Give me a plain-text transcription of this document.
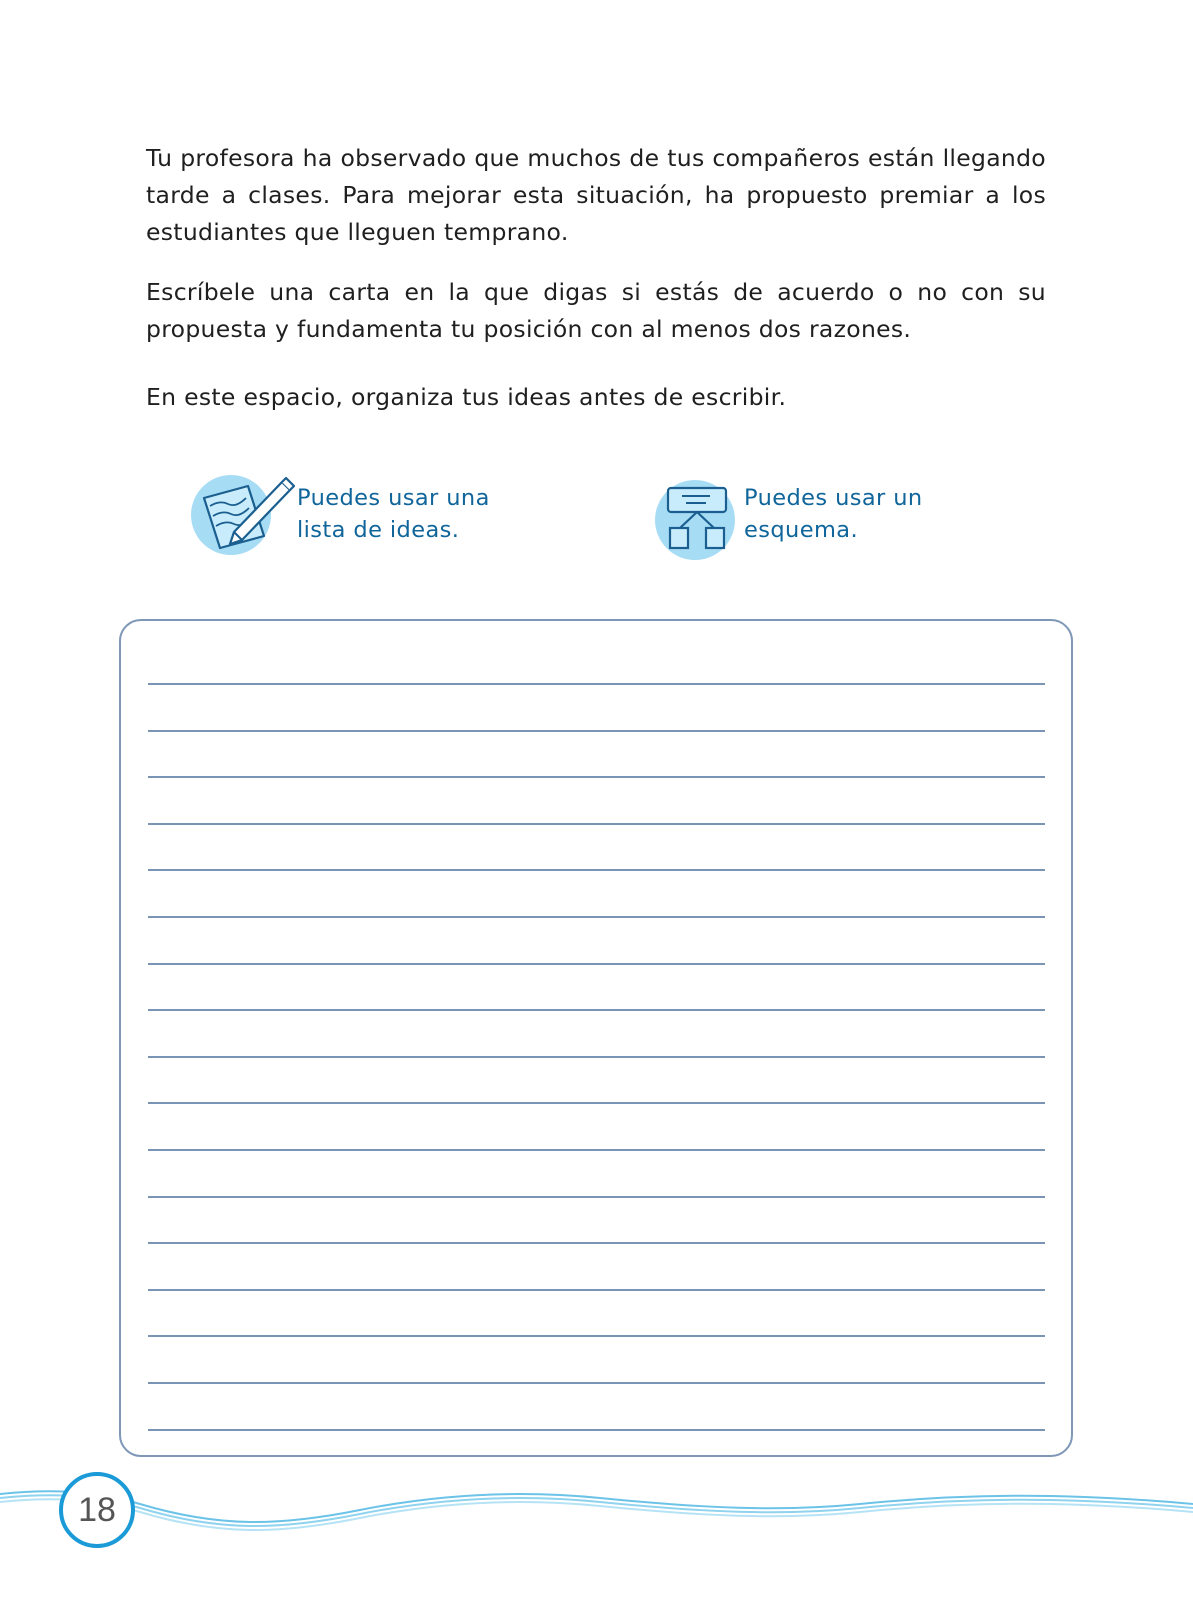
Tu profesora ha observado que muchos de tus compañeros están llegando tarde a clases. Para mejorar esta situación, ha propuesto premiar a los estudiantes que lleguen temprano.

Escríbele una carta en la que digas si estás de acuerdo o no con su propuesta y fundamenta tu posición con al menos dos razones.

En este espacio, organiza tus ideas antes de escribir.

Puedes usar una
lista de ideas.
Puedes usar un
esquema.
18
